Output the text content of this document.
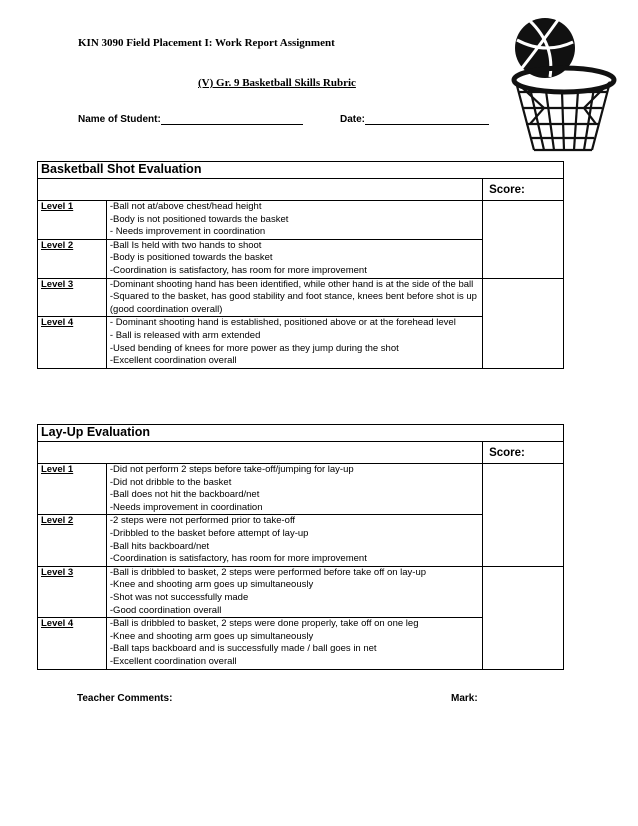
KIN 3090 Field Placement I: Work Report Assignment
(V) Gr. 9 Basketball Skills Rubric
Name of Student:	Date:
Basketball Shot Evaluation		
		Score:
Level 1	-Ball not at/above chest/head height
-Body is not positioned towards the basket
- Needs improvement in coordination	

Level 2	-Ball Is held with two hands to shoot
-Body is positioned towards the basket
-Coordination is satisfactory, has room for more improvement	

Level 3	-Dominant shooting hand has been identified, while other hand is at the side of the ball
-Squared to the basket, has good stability and foot stance, knees bent before shot is up (good coordination overall)	

Level 4	- Dominant shooting hand is established, positioned above or at the forehead level
- Ball is released with arm extended
-Used bending of knees for more power as they jump during the shot
-Excellent coordination overall	
Lay-Up Evaluation		
		Score:
Level 1	-Did not perform 2 steps before take-off/jumping for lay-up
-Did not dribble to the basket
-Ball does not hit the backboard/net
-Needs improvement in coordination	

Level 2	-2 steps were not performed prior to take-off
-Dribbled to the basket before attempt of lay-up
-Ball hits backboard/net
-Coordination is satisfactory, has room for more improvement	

Level 3	-Ball is dribbled to basket, 2 steps were performed before take off on lay-up
-Knee and shooting arm goes up simultaneously
-Shot was not successfully made
-Good coordination overall	

Level 4	-Ball is dribbled to basket, 2 steps were done properly, take off on one leg
-Knee and shooting arm goes up simultaneously
-Ball taps backboard and is successfully made / ball goes in net
-Excellent coordination overall	
Teacher Comments:	Mark:
